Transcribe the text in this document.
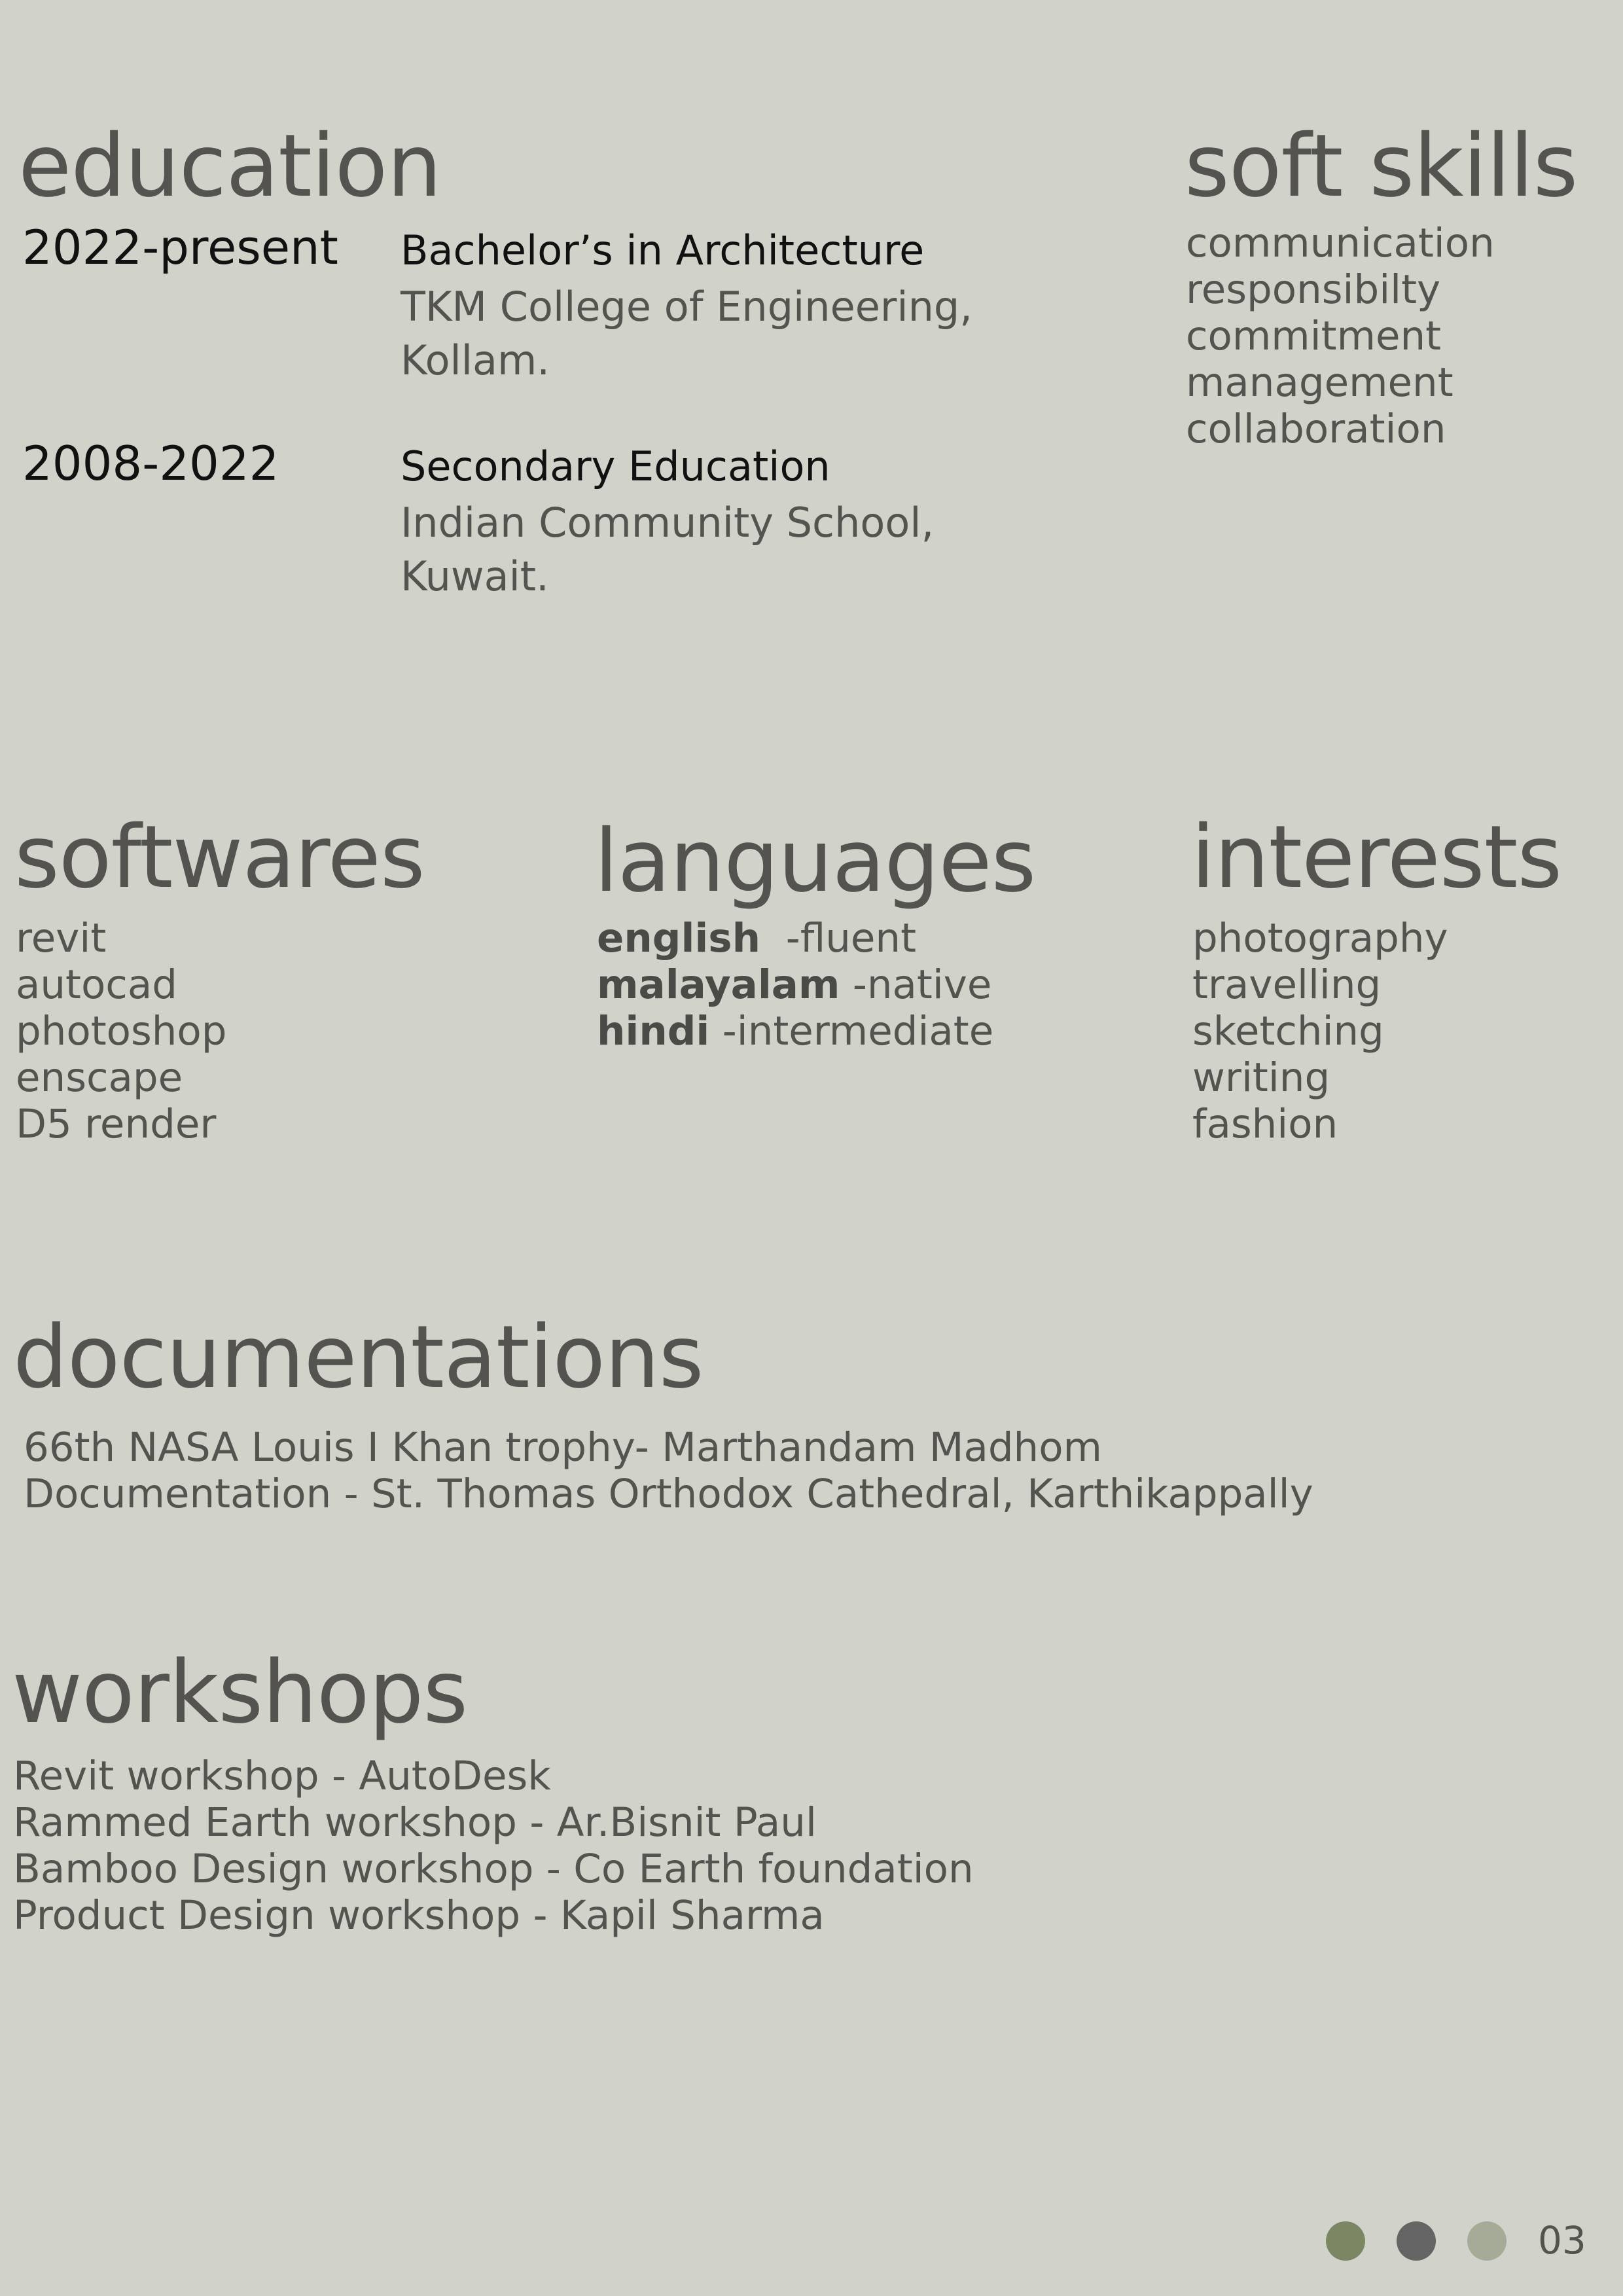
education
2022-present Bachelor’s in Architecture
TKM College of Engineering,
Kollam.
2008-2022	Secondary Education
Indian Community School,
Kuwait.
soft skills
communication
responsibilty
commitment
management
collaboration
softwares
revit
autocad
photoshop
enscape
D5 render
languages
english  -fluent
malayalam -native
hindi -intermediate
interests
photography
travelling
sketching
writing
fashion
documentations
66th NASA Louis I Khan trophy- Marthandam Madhom
Documentation - St. Thomas Orthodox Cathedral, Karthikappally
workshops
Revit workshop - AutoDesk
Rammed Earth workshop - Ar.Bisnit Paul
Bamboo Design workshop - Co Earth foundation
Product Design workshop - Kapil Sharma
03
